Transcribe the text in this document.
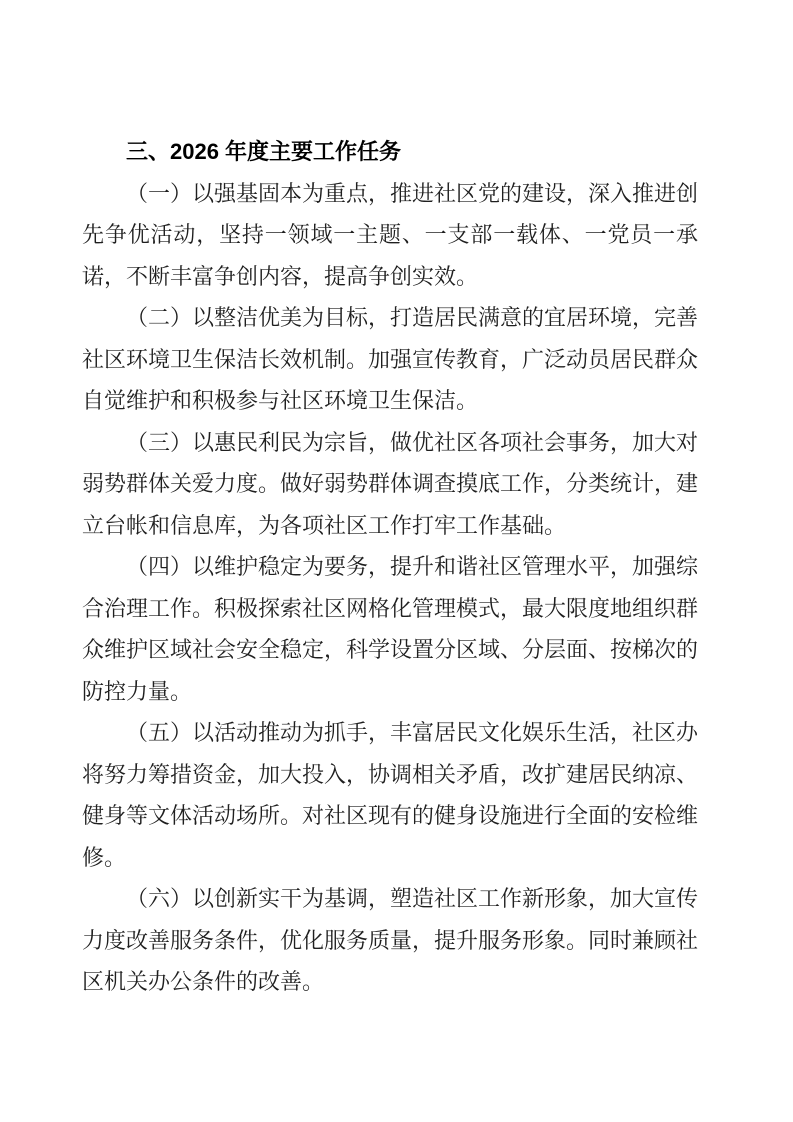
三、2026 年度主要工作任务

（一）以强基固本为重点，推进社区党的建设，深入推进创先争优活动，坚持一领域一主题、一支部一载体、一党员一承诺，不断丰富争创内容，提高争创实效。

（二）以整洁优美为目标，打造居民满意的宜居环境，完善社区环境卫生保洁长效机制。加强宣传教育，广泛动员居民群众自觉维护和积极参与社区环境卫生保洁。

（三）以惠民利民为宗旨，做优社区各项社会事务，加大对弱势群体关爱力度。做好弱势群体调查摸底工作，分类统计，建立台帐和信息库，为各项社区工作打牢工作基础。

（四）以维护稳定为要务，提升和谐社区管理水平，加强综合治理工作。积极探索社区网格化管理模式，最大限度地组织群众维护区域社会安全稳定，科学设置分区域、分层面、按梯次的防控力量。

（五）以活动推动为抓手，丰富居民文化娱乐生活，社区办将努力筹措资金，加大投入，协调相关矛盾，改扩建居民纳凉、健身等文体活动场所。对社区现有的健身设施进行全面的安检维修。

（六）以创新实干为基调，塑造社区工作新形象，加大宣传力度改善服务条件，优化服务质量，提升服务形象。同时兼顾社区机关办公条件的改善。
